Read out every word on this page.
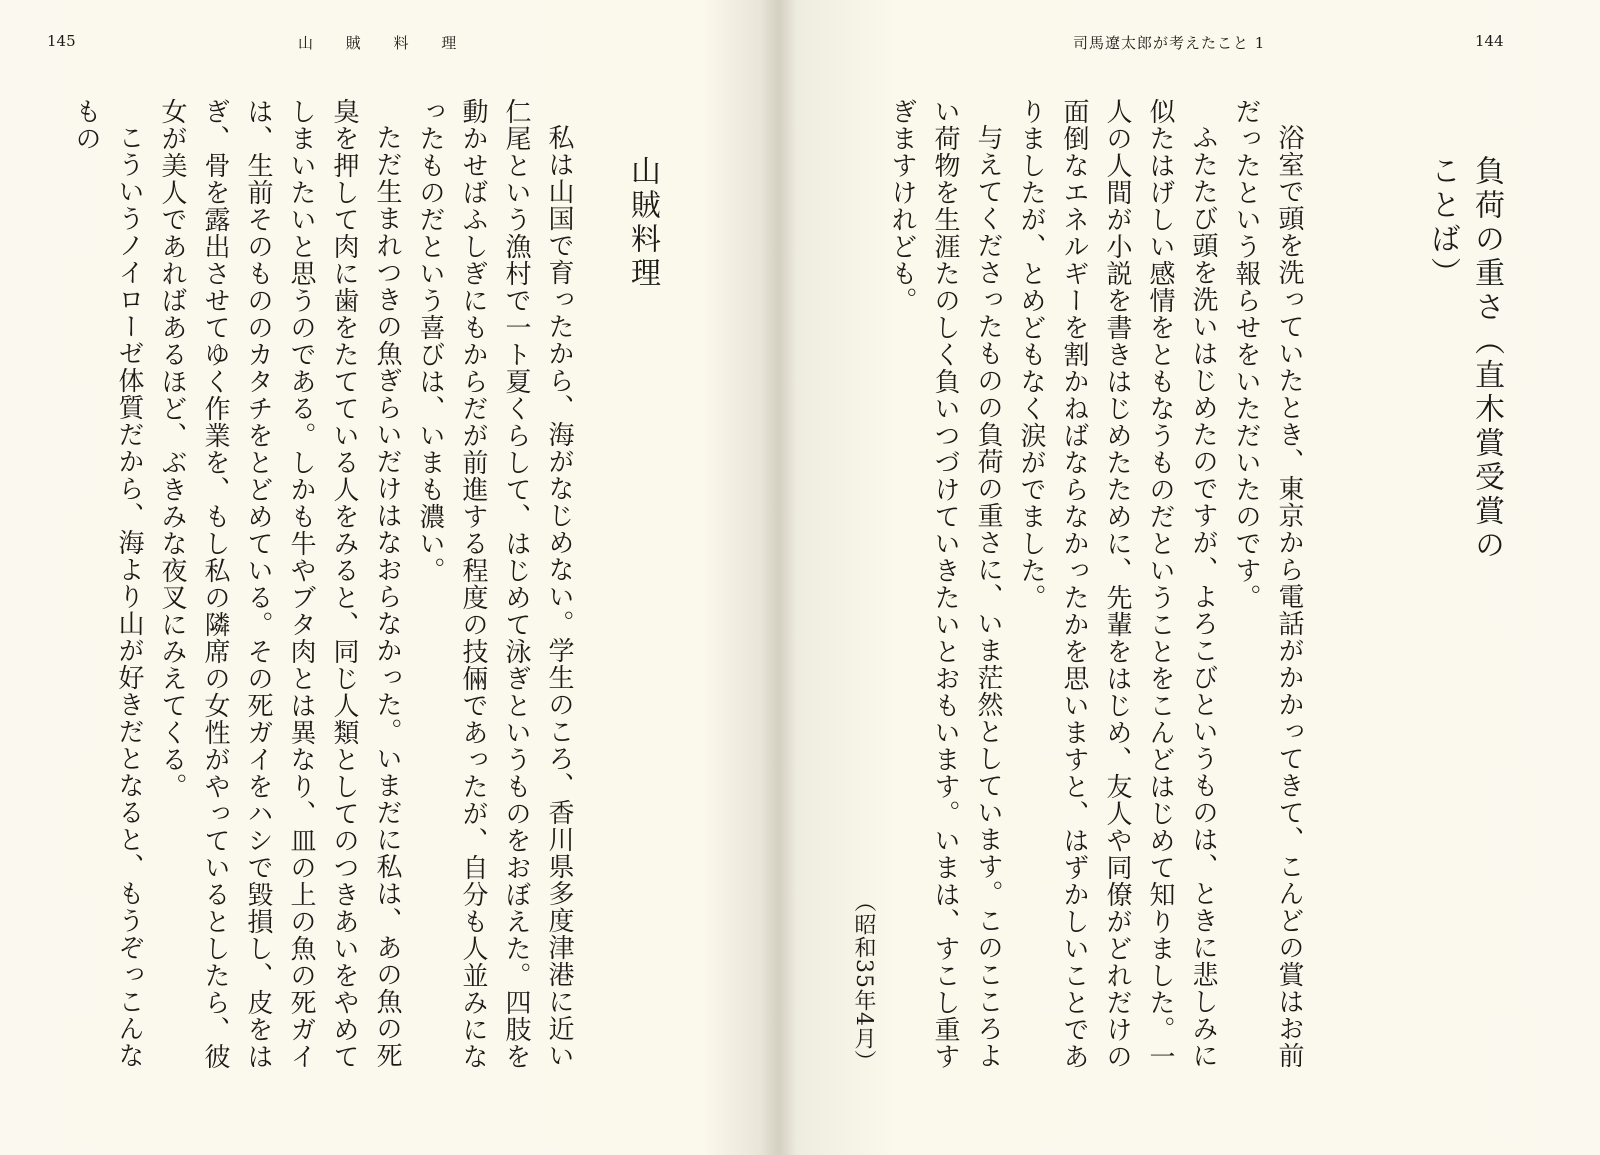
145	山 賊 料 理
山賊料理

私は山国で育ったから、海がなじめない。学生のころ、香川県多度津港に近い仁尾という漁村で一ト夏くらして、はじめて泳ぎというものをおぼえた。四肢を動かせばふしぎにもからだが前進する程度の技倆であったが、自分も人並みになったものだという喜びは、いまも濃い。

ただ生まれつきの魚ぎらいだけはなおらなかった。いまだに私は、あの魚の死臭を押して肉に歯をたてている人をみると、同じ人類としてのつきあいをやめてしまいたいと思うのである。しかも牛やブタ肉とは異なり、皿の上の魚の死ガイは、生前そのもののカタチをとどめている。その死ガイをハシで毀損し、皮をはぎ、骨を露出させてゆく作業を、もし私の隣席の女性がやっているとしたら、彼女が美人であればあるほど、ぶきみな夜叉にみえてくる。

こういうノイローゼ体質だから、海より山が好きだとなると、もうぞっこんなもの

司馬遼太郎が考えたこと 1	144
負荷の重さ（直木賞受賞のことば）

浴室で頭を洗っていたとき、東京から電話がかかってきて、こんどの賞はお前だったという報らせをいただいたのです。

ふたたび頭を洗いはじめたのですが、よろこびというものは、ときに悲しみに似たはげしい感情をともなうものだということをこんどはじめて知りました。一人の人間が小説を書きはじめたために、先輩をはじめ、友人や同僚がどれだけの面倒なエネルギーを割かねばならなかったかを思いますと、はずかしいことでありましたが、とめどもなく涙がでました。

与えてくださったものの負荷の重さに、いま茫然としています。このこころよい荷物を生涯たのしく負いつづけていきたいとおもいます。いまは、すこし重すぎますけれども。

（昭和35年4月）
